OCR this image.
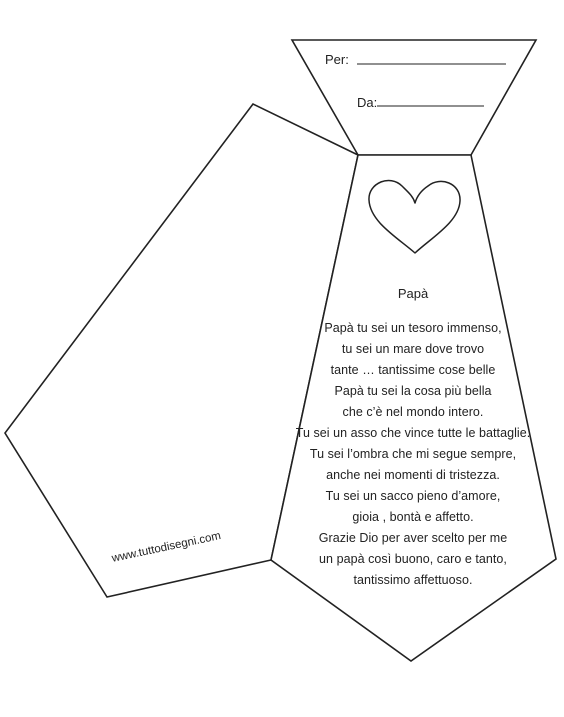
Per:
Da:
Papà
Papà tu sei un tesoro immenso,
tu sei un mare dove trovo
tante … tantissime cose belle
Papà tu sei la cosa più bella
che c’è nel mondo intero.
Tu sei un asso che vince tutte le battaglie.
Tu sei l’ombra che mi segue sempre,
anche nei momenti di tristezza.
Tu sei un sacco pieno d’amore,
gioia , bontà e affetto.
Grazie Dio per aver scelto per me
un papà così buono, caro e tanto,
tantissimo affettuoso.
www.tuttodisegni.com
